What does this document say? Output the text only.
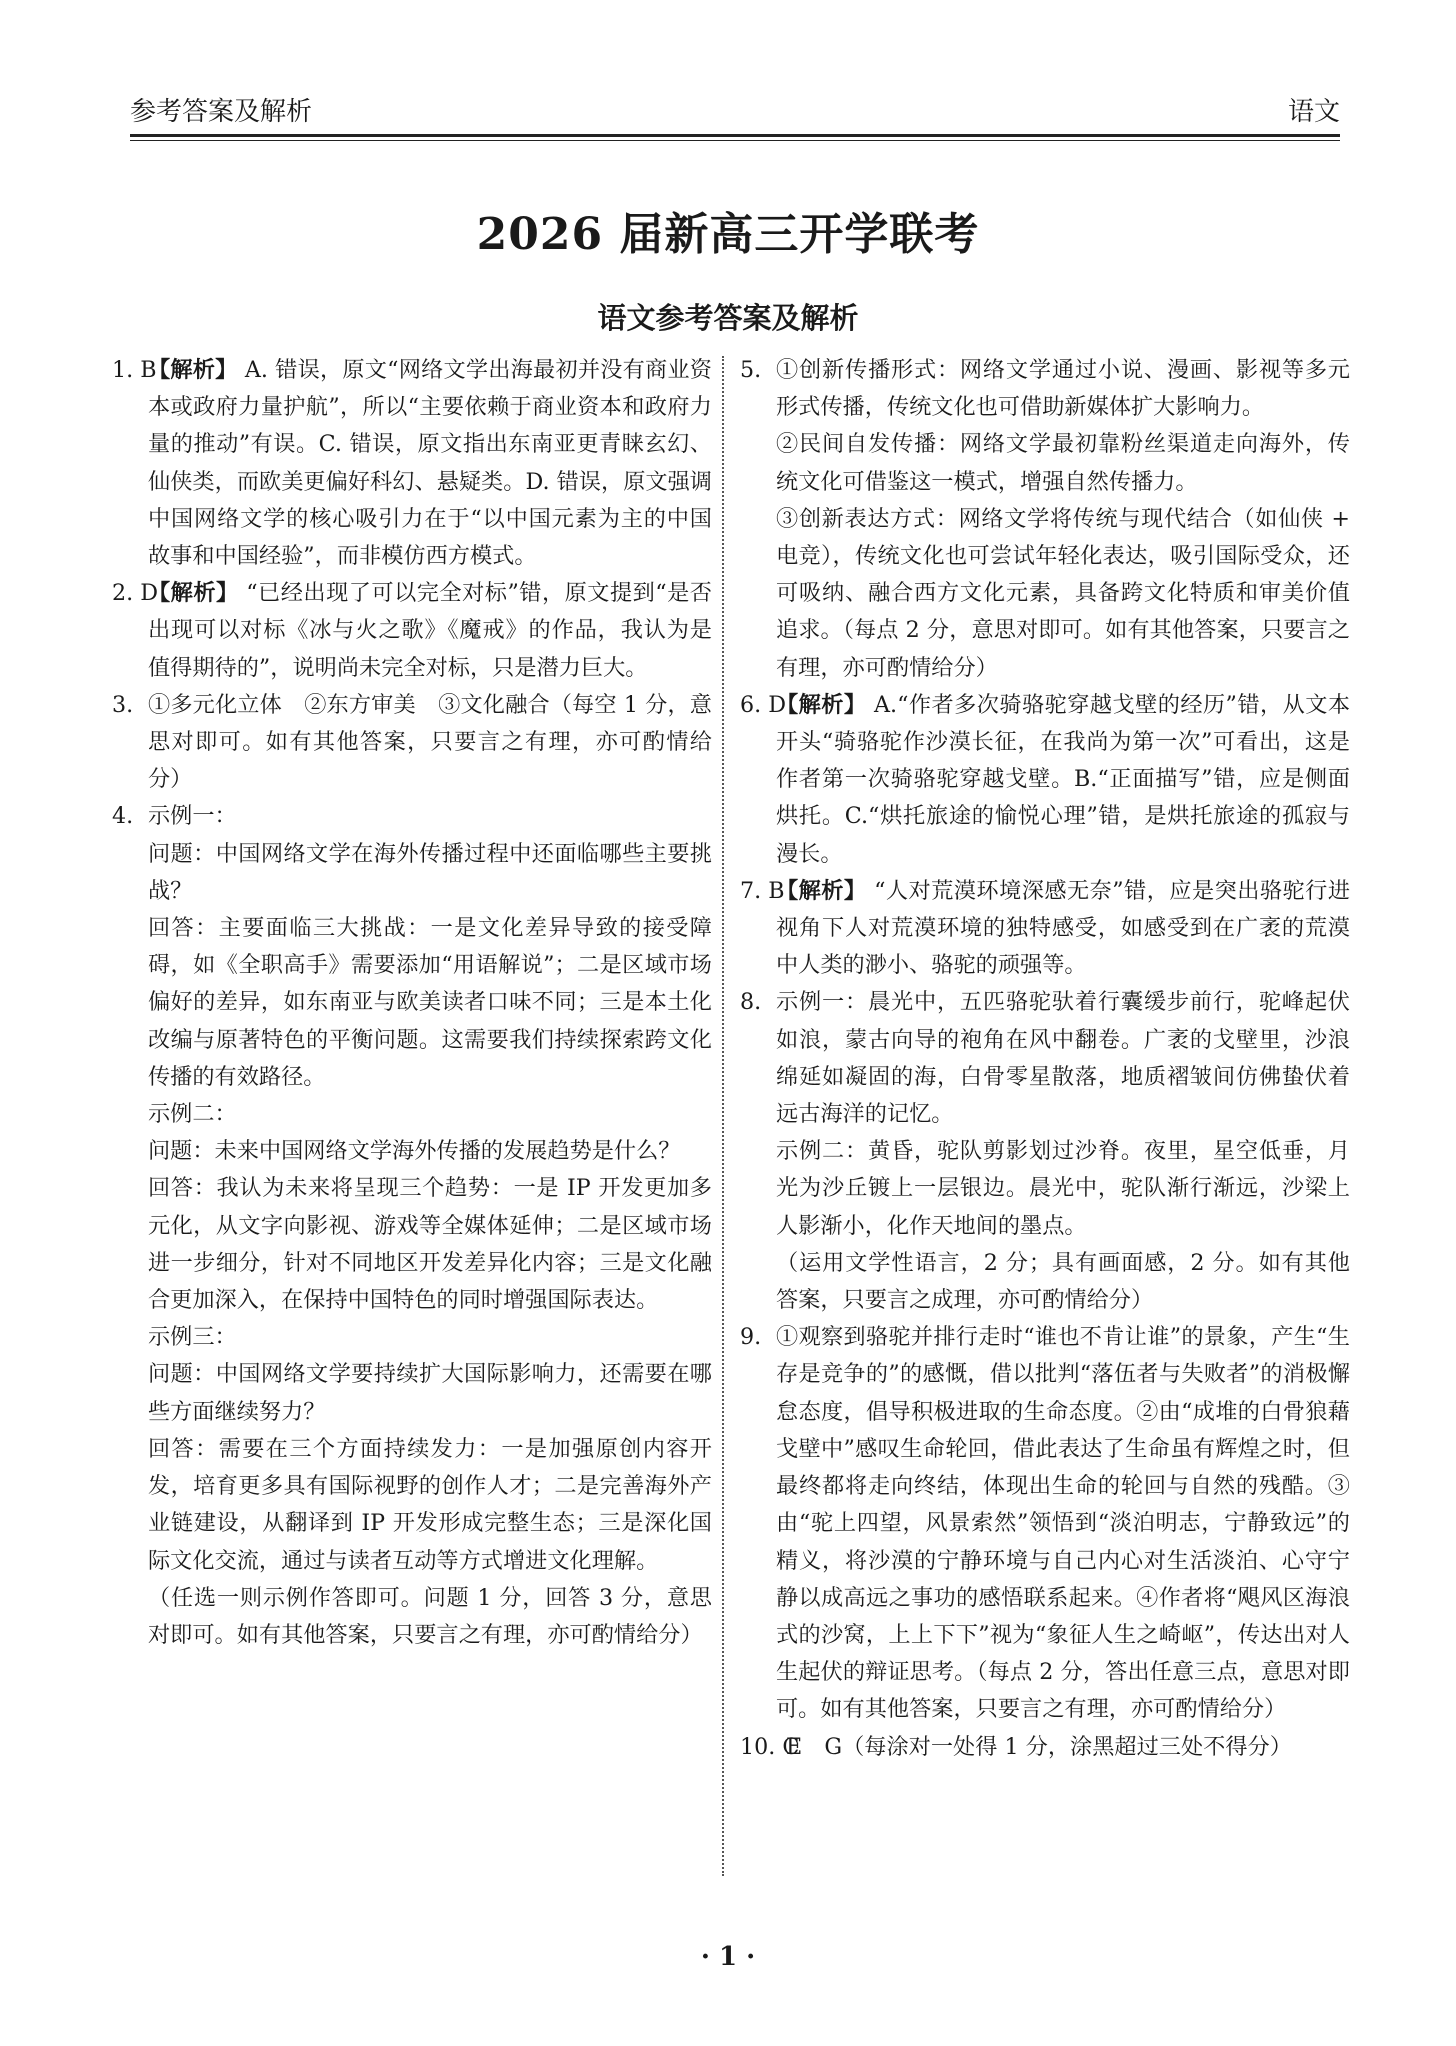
参考答案及解析	语文
2026 届新高三开学联考
语文参考答案及解析
1. B
【解析】 A. 错误，原文“网络文学出海最初并没有商业资本或政府力量护航”，所以“主要依赖于商业资本和政府力量的推动”有误。C. 错误，原文指出东南亚更青睐玄幻、仙侠类，而欧美更偏好科幻、悬疑类。D. 错误，原文强调中国网络文学的核心吸引力在于“以中国元素为主的中国故事和中国经验”，而非模仿西方模式。
2. D
【解析】 “已经出现了可以完全对标”错，原文提到“是否出现可以对标《冰与火之歌》《魔戒》的作品，我认为是值得期待的”，说明尚未完全对标，只是潜力巨大。
3. ①多元化立体　②东方审美　③文化融合（每空 1 分，意思对即可。如有其他答案，只要言之有理，亦可酌情给分）
4. 示例一：
问题：中国网络文学在海外传播过程中还面临哪些主要挑战？
回答：主要面临三大挑战：一是文化差异导致的接受障碍，如《全职高手》需要添加“用语解说”；二是区域市场偏好的差异，如东南亚与欧美读者口味不同；三是本土化改编与原著特色的平衡问题。这需要我们持续探索跨文化传播的有效路径。
示例二：
问题：未来中国网络文学海外传播的发展趋势是什么？
回答：我认为未来将呈现三个趋势：一是 IP 开发更加多元化，从文字向影视、游戏等全媒体延伸；二是区域市场进一步细分，针对不同地区开发差异化内容；三是文化融合更加深入，在保持中国特色的同时增强国际表达。
示例三：
问题：中国网络文学要持续扩大国际影响力，还需要在哪些方面继续努力？
回答：需要在三个方面持续发力：一是加强原创内容开发，培育更多具有国际视野的创作人才；二是完善海外产业链建设，从翻译到 IP 开发形成完整生态；三是深化国际文化交流，通过与读者互动等方式增进文化理解。
（任选一则示例作答即可。问题 1 分，回答 3 分，意思对即可。如有其他答案，只要言之有理，亦可酌情给分）
5. ①创新传播形式：网络文学通过小说、漫画、影视等多元形式传播，传统文化也可借助新媒体扩大影响力。
②民间自发传播：网络文学最初靠粉丝渠道走向海外，传统文化可借鉴这一模式，增强自然传播力。
③创新表达方式：网络文学将传统与现代结合（如仙侠 + 电竞），传统文化也可尝试年轻化表达，吸引国际受众，还可吸纳、融合西方文化元素，具备跨文化特质和审美价值追求。（每点 2 分，意思对即可。如有其他答案，只要言之有理，亦可酌情给分）
6. D
【解析】 A.“作者多次骑骆驼穿越戈壁的经历”错，从文本开头“骑骆驼作沙漠长征，在我尚为第一次”可看出，这是作者第一次骑骆驼穿越戈壁。B.“正面描写”错，应是侧面烘托。C.“烘托旅途的愉悦心理”错，是烘托旅途的孤寂与漫长。
7. B
【解析】 “人对荒漠环境深感无奈”错，应是突出骆驼行进视角下人对荒漠环境的独特感受，如感受到在广袤的荒漠中人类的渺小、骆驼的顽强等。
8. 示例一：晨光中，五匹骆驼驮着行囊缓步前行，驼峰起伏如浪，蒙古向导的袍角在风中翻卷。广袤的戈壁里，沙浪绵延如凝固的海，白骨零星散落，地质褶皱间仿佛蛰伏着远古海洋的记忆。
示例二：黄昏，驼队剪影划过沙脊。夜里，星空低垂，月光为沙丘镀上一层银边。晨光中，驼队渐行渐远，沙梁上人影渐小，化作天地间的墨点。
（运用文学性语言，2 分；具有画面感，2 分。如有其他答案，只要言之成理，亦可酌情给分）
9. ①观察到骆驼并排行走时“谁也不肯让谁”的景象，产生“生存是竞争的”的感慨，借以批判“落伍者与失败者”的消极懈怠态度，倡导积极进取的生命态度。②由“成堆的白骨狼藉戈壁中”感叹生命轮回，借此表达了生命虽有辉煌之时，但最终都将走向终结，体现出生命的轮回与自然的残酷。③由“驼上四望，风景索然”领悟到“淡泊明志，宁静致远”的精义，将沙漠的宁静环境与自己内心对生活淡泊、心守宁静以成高远之事功的感悟联系起来。④作者将“飓风区海浪式的沙窝，上上下下”视为“象征人生之崎岖”，传达出对人生起伏的辩证思考。（每点 2 分，答出任意三点，意思对即可。如有其他答案，只要言之有理，亦可酌情给分）
10. C
E　G（每涂对一处得 1 分，涂黑超过三处不得分）
· 1 ·
